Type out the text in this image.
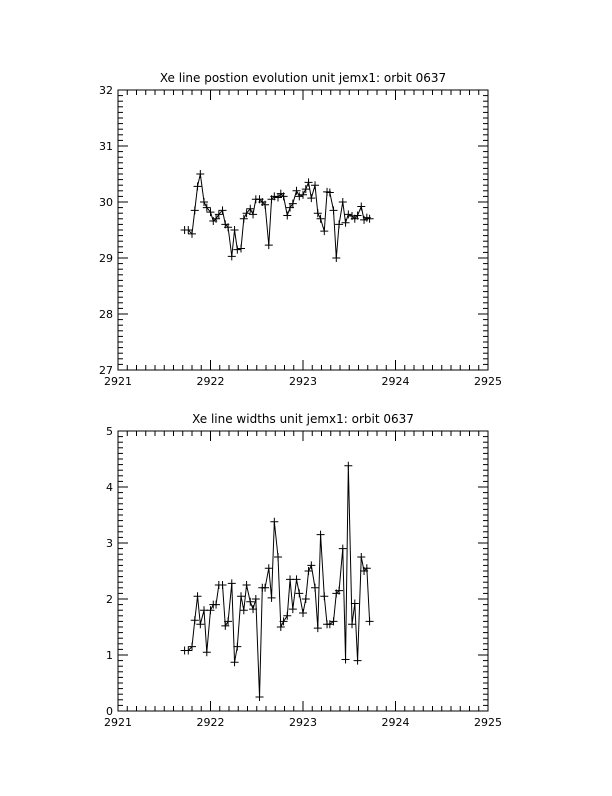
Xe line postion evolution unit jemx1: orbit 0637
2921	2922	2923	2924	2925
27
28
29
30
31
32
Xe line widths unit jemx1: orbit 0637
2921	2922	2923	2924	2925
0
1
2
3
4
5
